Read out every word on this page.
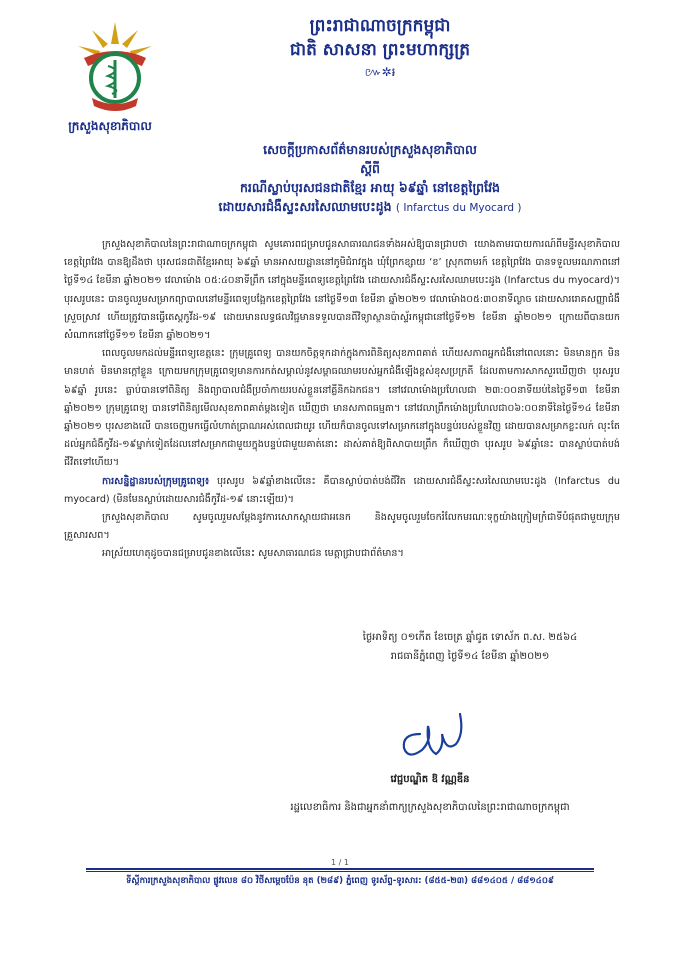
ក្រសួងសុខាភិបាល
ព្រះរាជាណាចក្រកម្ពុជា
ជាតិ សាសនា ព្រះមហាក្សត្រ
៚✲៛
សេចក្តីប្រកាសព័ត៌មានរបស់ក្រសួងសុខាភិបាល
ស្តីពី
ករណីស្លាប់បុរសជនជាតិខ្មែរ អាយុ ៦៩ឆ្នាំ នៅខេត្តព្រៃវែង
ដោយសារជំងឺស្ទះសរសៃឈាមបេះដូង ( Infarctus du Myocard )

ក្រសួងសុខាភិបាលនៃព្រះរាជាណាចក្រកម្ពុជា សូមគោរពជម្រាបជូនសាធារណជនទាំងអស់ឱ្យបានជ្រាបថា យោងតាមរបាយការណ៍ពីមន្ទីរសុខាភិបាលខេត្តព្រៃវែង បានឱ្យដឹងថា បុរសជនជាតិខ្មែរអាយុ ៦៩ឆ្នាំ មានអាសយដ្ឋាននៅភូមិជំរាវក្នុង ឃុំព្រែកខ្សាយ ‘ខ’ ស្រុកពាមរក៍ ខេត្តព្រៃវែង បានទទួលមរណភាពនៅថ្ងៃទី១៤ ខែមីនា ឆ្នាំ២០២១ វេលាម៉ោង ០៥:៤០នាទីព្រឹក នៅក្នុងមន្ទីរពេទ្យខេត្តព្រៃវែង ដោយសារជំងឺស្ទះសរសៃឈាមបេះដូង (Infarctus du myocard)។ បុរសរូបនេះ បានចូលរួមសម្រាកព្យាបាលនៅមន្ទីរពេទ្យបង្អែកខេត្តព្រៃវែង នៅថ្ងៃទី១៣ ខែមីនា ឆ្នាំ២០២១ វេលាម៉ោង០៥:៣០នាទីល្ងាច ដោយសាររោគសញ្ញាជំងឺស្រួចស្រាវ ហើយត្រូវបានធ្វើតេស្តកូវីដ-១៩ ដោយមានលទ្ធផលវិជ្ជមានទទួលបានពីវិទ្យាស្ថានប៉ាស្ទ័រកម្ពុជានៅថ្ងៃទី១២ ខែមីនា ឆ្នាំ២០២១ ក្រោយពីបានយកសំណាកនៅថ្ងៃទី១១ ខែមីនា ឆ្នាំ២០២១។

ពេលចូលមកដល់មន្ទីរពេទ្យខេត្តនេះ ក្រុមគ្រូពេទ្យ បានយកចិត្តទុកដាក់ក្នុងការពិនិត្យសុខភាពគាត់ ហើយសភាពអ្នកជំងឺនៅពេលនោះ មិនមានក្អក មិនមានហត់ មិនមានក្តៅខ្លួន ក្រោយមកក្រុមគ្រូពេទ្យមានការកត់សម្គាល់នូវសម្ពាធឈាមរបស់អ្នកជំងឺឡើងខ្ពស់ខុសប្រក្រតី ដែលតាមការសាកសួរឃើញថា បុរសរូប ៦៩ឆ្នាំ រូបនេះ ធ្លាប់បានទៅពិនិត្យ និងព្យាបាលជំងឺប្រចាំកាយរបស់ខ្លួននៅគ្លីនិកឯកជន។ នៅវេលាម៉ោងប្រហែលជា ២៣:០០នាទីយប់នៃថ្ងៃទី១៣ ខែមីនា ឆ្នាំ២០២១ ក្រុមគ្រូពេទ្យ បានទៅពិនិត្យមើលសុខភាពគាត់ម្តងទៀត ឃើញថា មានសភាពធម្មតា។ នៅវេលាព្រឹកម៉ោងប្រហែលជា០៦:០០នាទីនៃថ្ងៃទី១៤ ខែមីនា ឆ្នាំ២០២១ បុរសខាងលើ បានចេញមកធ្វើលំហាត់ប្រាណអស់ពេលជាយូរ ហើយក៏បានចូលទៅសម្រាកនៅក្នុងបន្ទប់របស់ខ្លួនវិញ ដោយបានសម្រាកខ្លះលក់ លុះតែដល់អ្នកជំងឺកូវីដ-១៩ម្នាក់ទៀតដែលនៅសម្រាកជាមួយក្នុងបន្ទប់ជាមួយគាត់នោះ ដាស់គាត់ឱ្យពិសាបាយព្រឹក ក៏ឃើញថា បុរសរូប ៦៩ឆ្នាំនេះ បានស្លាប់បាត់បង់ជីវិតទៅហើយ។

ការសន្និដ្ឋានរបស់ក្រុមគ្រូពេទ្យ៖ បុរសរូប ៦៩ឆ្នាំខាងលើនេះ គឺបានស្លាប់បាត់បង់ជីវិត ដោយសារជំងឺស្ទះសរសៃឈាមបេះដូង (Infarctus du myocard) (មិនមែនស្លាប់ដោយសារជំងឺកូវីដ-១៩ នោះឡើយ)។

ក្រសួងសុខាភិបាល សូមចូលរួមសម្តែងនូវការសោកស្តាយជាអនេក និងសូមចូលរួមចែករំលែកមរណៈទុក្ខយ៉ាងក្រៀមក្រំជាទីបំផុតជាមួយក្រុមគ្រួសារសព។

អាស្រ័យហេតុដូចបានជម្រាបជូនខាងលើនេះ សូមសាធារណជន មេត្តាជ្រាបជាព័ត៌មាន។

ថ្ងៃអាទិត្យ ០១កើត ខែចេត្រ ឆ្នាំជូត ទោស័ក ព.ស. ២៥៦៤
រាជធានីភ្នំពេញ ថ្ងៃទី១៤ ខែមីនា ឆ្នាំ២០២១
វេជ្ជបណ្ឌិត ឱ វណ្ណឌីន
រដ្ឋលេខាធិការ និងជាអ្នកនាំពាក្យក្រសួងសុខាភិបាលនៃព្រះរាជាណាចក្រកម្ពុជា
1 / 1
ទីស្តីការក្រសួងសុខាភិបាល ផ្លូវលេខ ៨០ វិថីសម្តេចប៉ែន នុត (២៨៩) ភ្នំពេញ ទូរស័ព្ទ-ទូរសារ: (៨៥៥-២៣) ៨៨១៤០៥ / ៨៨១៤០៩
